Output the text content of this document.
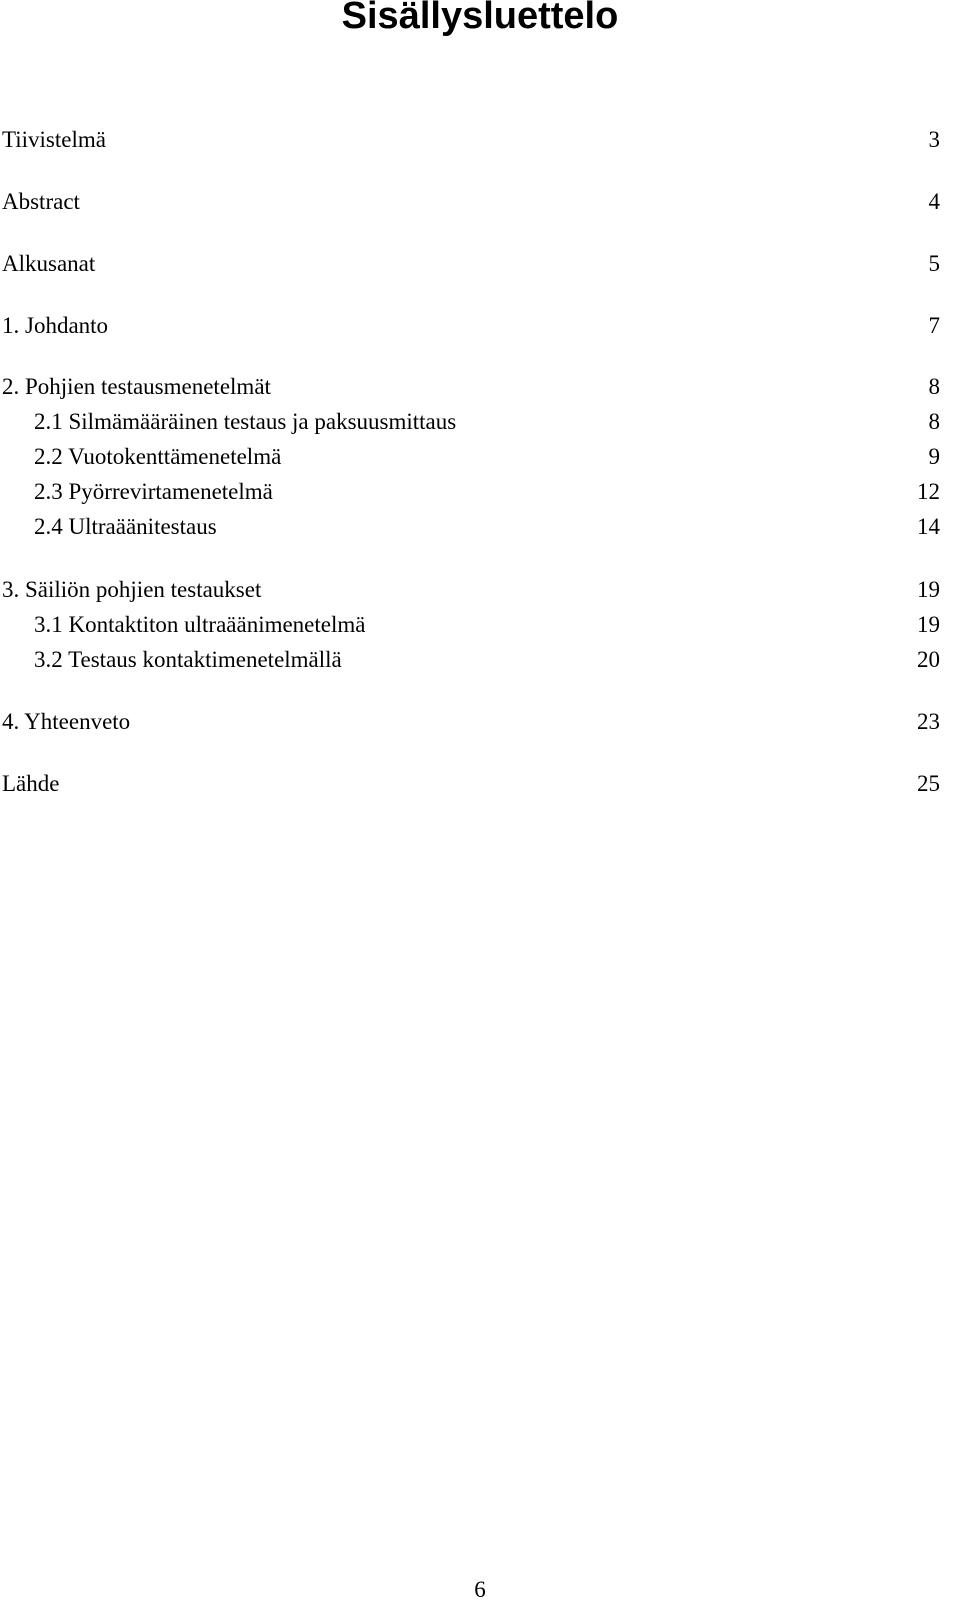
Sisällysluettelo
Tiivistelmä	3
Abstract	4
Alkusanat	5
1. Johdanto	7
2. Pohjien testausmenetelmät	8
2.1 Silmämääräinen testaus ja paksuusmittaus	8
2.2 Vuotokenttämenetelmä	9
2.3 Pyörrevirtamenetelmä	12
2.4 Ultraäänitestaus	14
3. Säiliön pohjien testaukset	19
3.1 Kontaktiton ultraäänimenetelmä	19
3.2 Testaus kontaktimenetelmällä	20
4. Yhteenveto	23
Lähde	25
6
